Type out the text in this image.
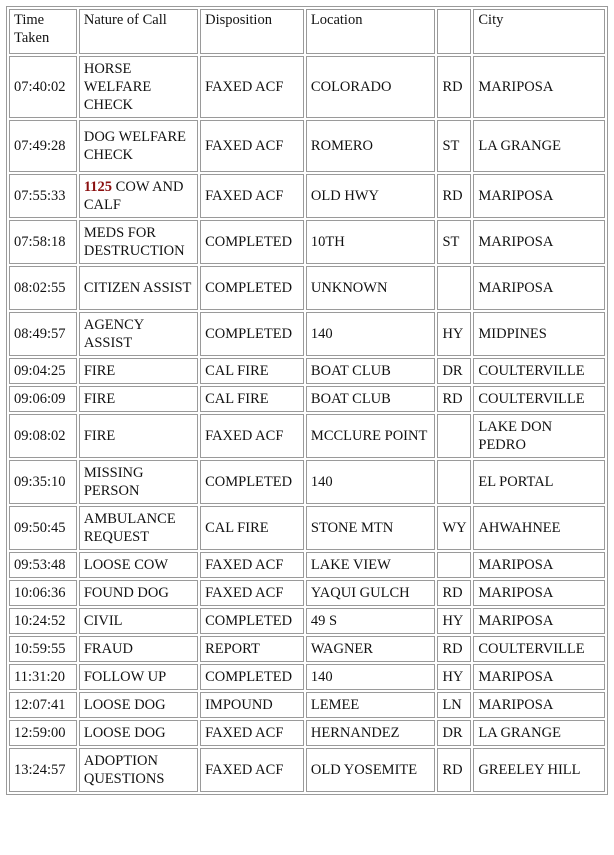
Time Taken	Nature of Call	Disposition	Location		City
07:40:02	HORSE WELFARE CHECK	FAXED ACF	COLORADO	RD	MARIPOSA
07:49:28	DOG WELFARE CHECK	FAXED ACF	ROMERO	ST	LA GRANGE
07:55:33	1125 COW AND CALF	FAXED ACF	OLD HWY	RD	MARIPOSA
07:58:18	MEDS FOR DESTRUCTION	COMPLETED	10TH	ST	MARIPOSA
08:02:55	CITIZEN ASSIST	COMPLETED	UNKNOWN		MARIPOSA
08:49:57	AGENCY ASSIST	COMPLETED	140	HY	MIDPINES
09:04:25	FIRE	CAL FIRE	BOAT CLUB	DR	COULTERVILLE
09:06:09	FIRE	CAL FIRE	BOAT CLUB	RD	COULTERVILLE
09:08:02	FIRE	FAXED ACF	MCCLURE POINT		LAKE DON PEDRO
09:35:10	MISSING PERSON	COMPLETED	140		EL PORTAL
09:50:45	AMBULANCE REQUEST	CAL FIRE	STONE MTN	WY	AHWAHNEE
09:53:48	LOOSE COW	FAXED ACF	LAKE VIEW		MARIPOSA
10:06:36	FOUND DOG	FAXED ACF	YAQUI GULCH	RD	MARIPOSA
10:24:52	CIVIL	COMPLETED	49 S	HY	MARIPOSA
10:59:55	FRAUD	REPORT	WAGNER	RD	COULTERVILLE
11:31:20	FOLLOW UP	COMPLETED	140	HY	MARIPOSA
12:07:41	LOOSE DOG	IMPOUND	LEMEE	LN	MARIPOSA
12:59:00	LOOSE DOG	FAXED ACF	HERNANDEZ	DR	LA GRANGE
13:24:57	ADOPTION QUESTIONS	FAXED ACF	OLD YOSEMITE	RD	GREELEY HILL
